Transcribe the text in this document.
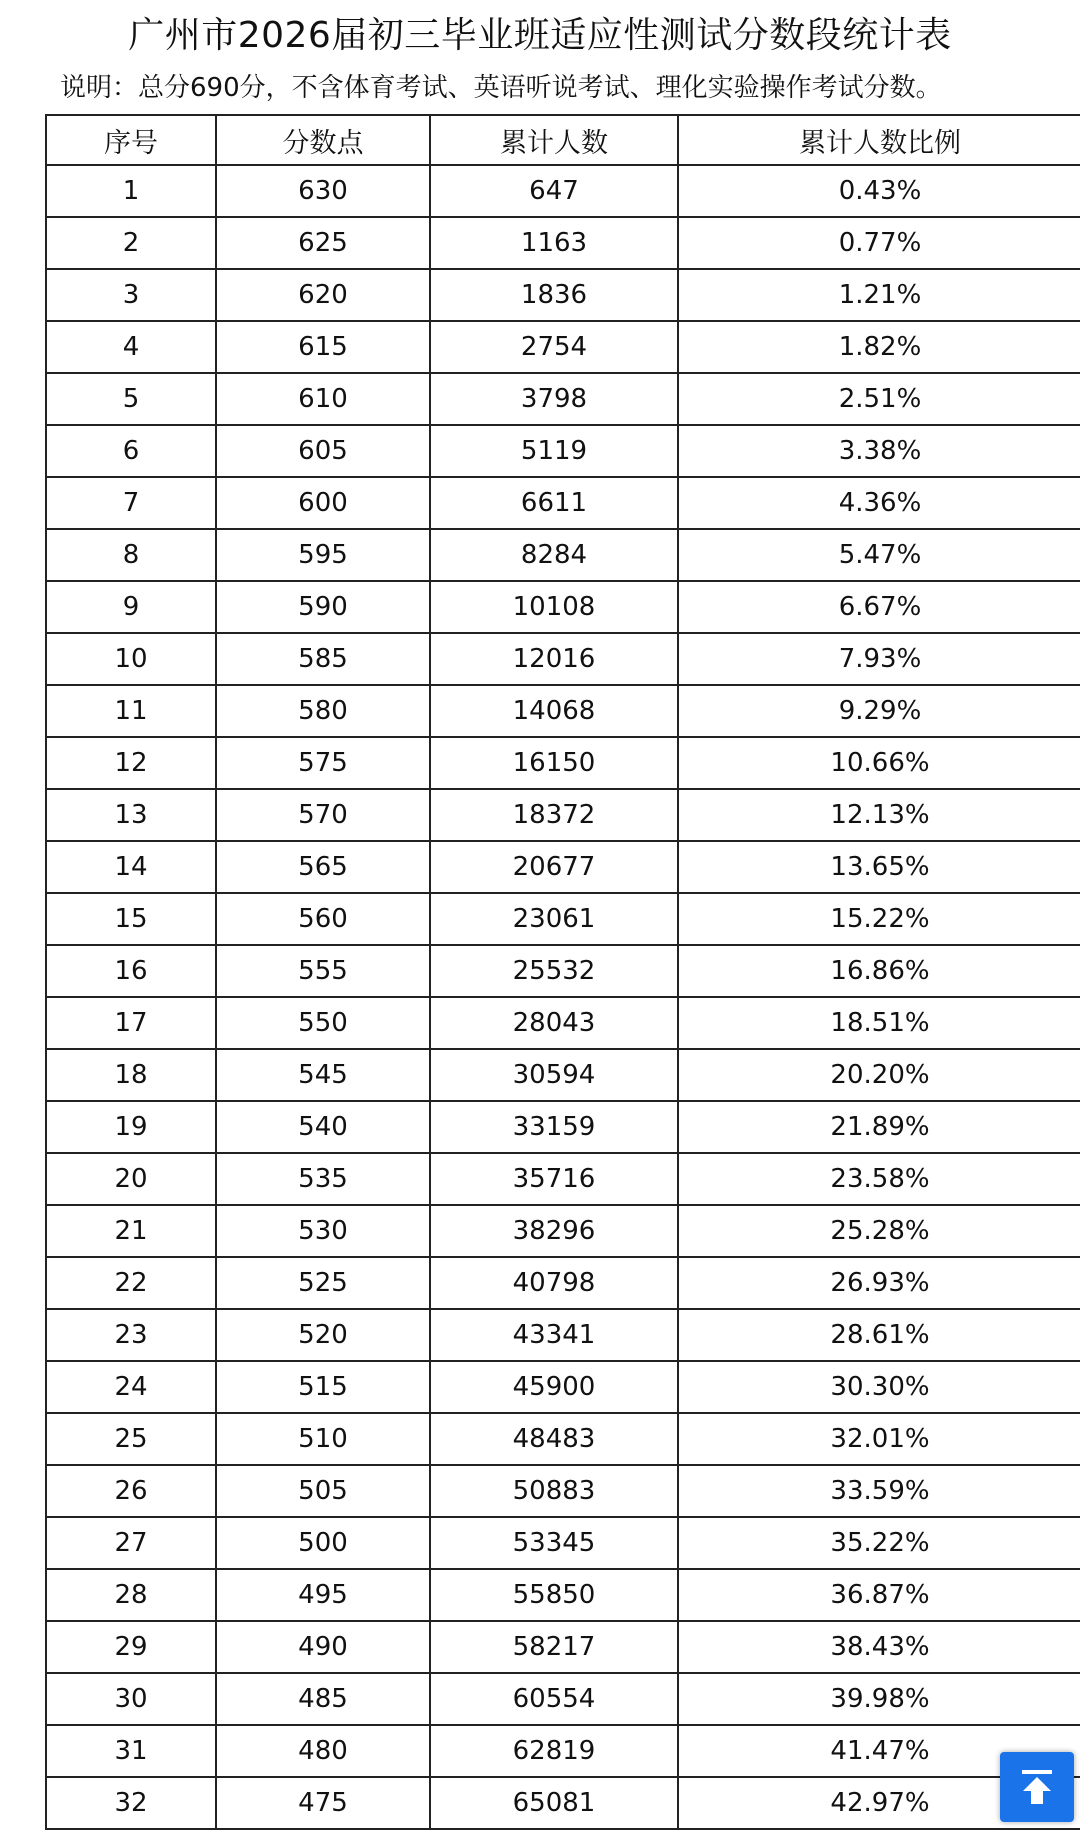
广州市2026届初三毕业班适应性测试分数段统计表
说明：总分690分，不含体育考试、英语听说考试、理化实验操作考试分数。
序号	分数点	累计人数	累计人数比例
1	630	647	0.43%
2	625	1163	0.77%
3	620	1836	1.21%
4	615	2754	1.82%
5	610	3798	2.51%
6	605	5119	3.38%
7	600	6611	4.36%
8	595	8284	5.47%
9	590	10108	6.67%
10	585	12016	7.93%
11	580	14068	9.29%
12	575	16150	10.66%
13	570	18372	12.13%
14	565	20677	13.65%
15	560	23061	15.22%
16	555	25532	16.86%
17	550	28043	18.51%
18	545	30594	20.20%
19	540	33159	21.89%
20	535	35716	23.58%
21	530	38296	25.28%
22	525	40798	26.93%
23	520	43341	28.61%
24	515	45900	30.30%
25	510	48483	32.01%
26	505	50883	33.59%
27	500	53345	35.22%
28	495	55850	36.87%
29	490	58217	38.43%
30	485	60554	39.98%
31	480	62819	41.47%
32	475	65081	42.97%
